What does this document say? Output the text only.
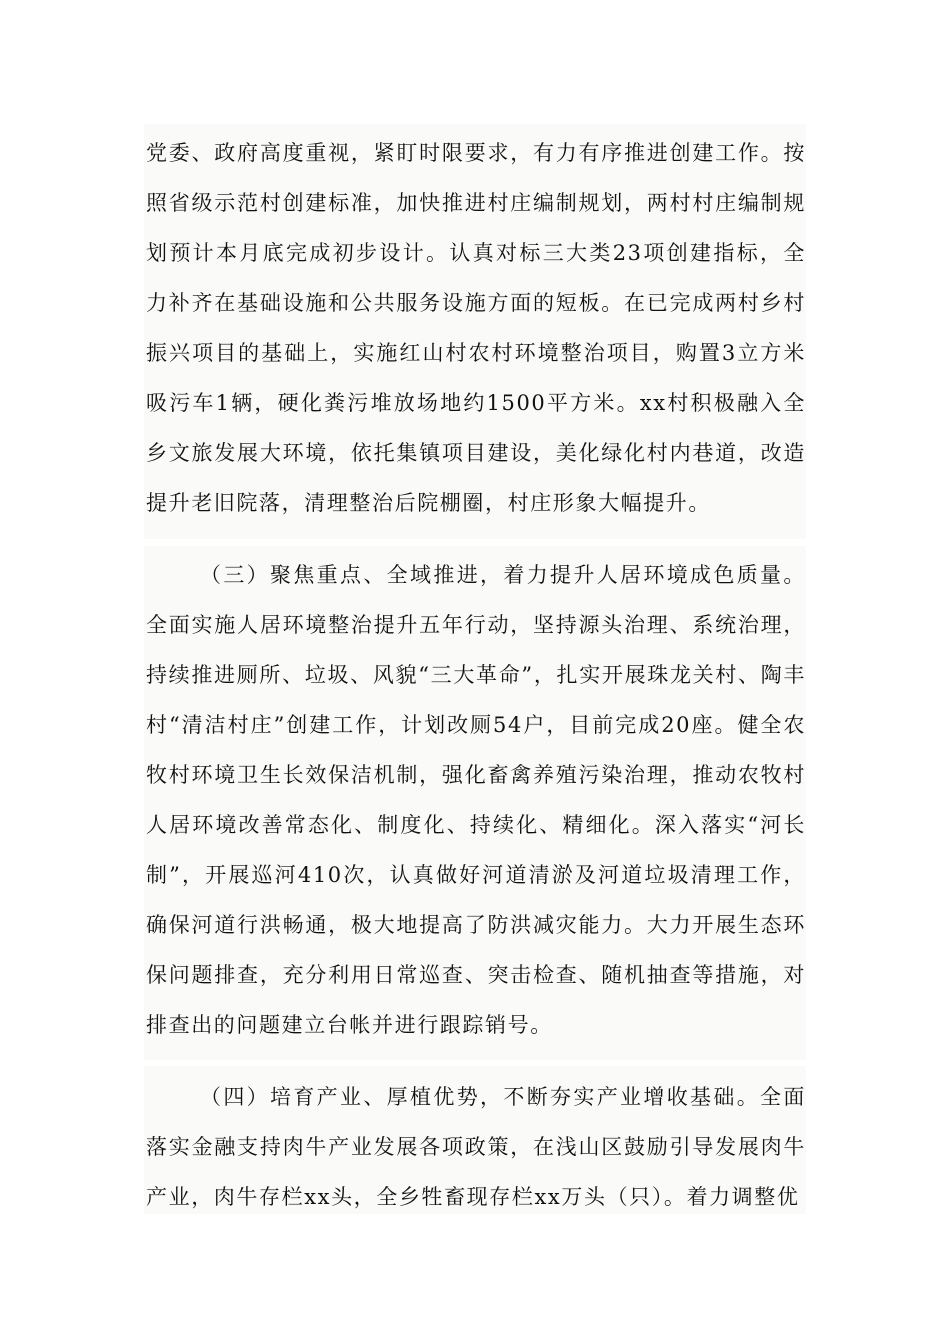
党委、政府高度重视，紧盯时限要求，有力有序推进创建工作。按照省级示范村创建标准，加快推进村庄编制规划，两村村庄编制规划预计本月底完成初步设计。认真对标三大类23项创建指标，全力补齐在基础设施和公共服务设施方面的短板。在已完成两村乡村振兴项目的基础上，实施红山村农村环境整治项目，购置3立方米吸污车1辆，硬化粪污堆放场地约1500平方米。xx村积极融入全乡文旅发展大环境，依托集镇项目建设，美化绿化村内巷道，改造提升老旧院落，清理整治后院棚圈，村庄形象大幅提升。

（三）聚焦重点、全域推进，着力提升人居环境成色质量。全面实施人居环境整治提升五年行动，坚持源头治理、系统治理，持续推进厕所、垃圾、风貌“三大革命”，扎实开展珠龙关村、陶丰村“清洁村庄”创建工作，计划改厕54户，目前完成20座。健全农牧村环境卫生长效保洁机制，强化畜禽养殖污染治理，推动农牧村人居环境改善常态化、制度化、持续化、精细化。深入落实“河长制”，开展巡河410次，认真做好河道清淤及河道垃圾清理工作，确保河道行洪畅通，极大地提高了防洪减灾能力。大力开展生态环保问题排查，充分利用日常巡查、突击检查、随机抽查等措施，对排查出的问题建立台帐并进行跟踪销号。

（四）培育产业、厚植优势，不断夯实产业增收基础。全面落实金融支持肉牛产业发展各项政策，在浅山区鼓励引导发展肉牛产业，肉牛存栏xx头，全乡牲畜现存栏xx万头（只）。着力调整优
